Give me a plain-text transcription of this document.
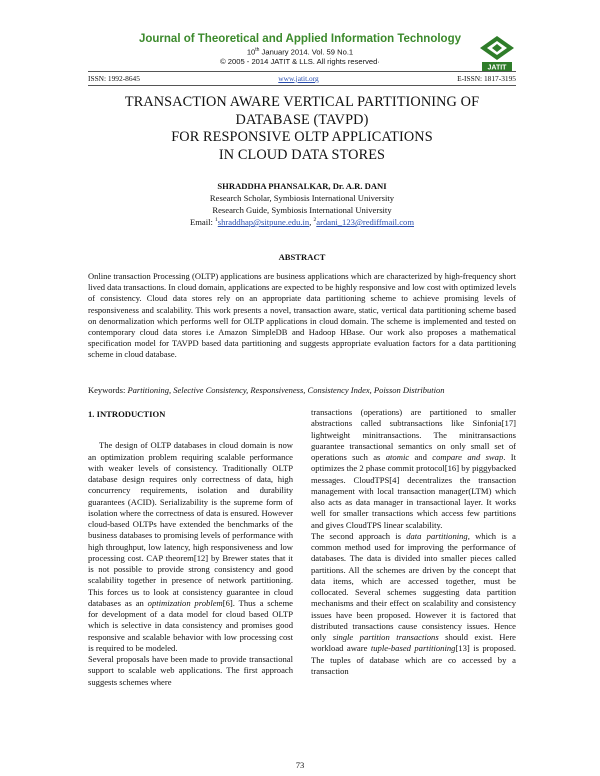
Journal of Theoretical and Applied Information Technology
10th January 2014. Vol. 59 No.1
© 2005 - 2014 JATIT & LLS. All rights reserved·
JATIT
ISSN: 1992-8645	www.jatit.org	E-ISSN: 1817-3195
TRANSACTION AWARE VERTICAL PARTITIONING OF
DATABASE (TAVPD)
FOR RESPONSIVE OLTP APPLICATIONS
IN CLOUD DATA STORES
SHRADDHA PHANSALKAR, Dr. A.R. DANI
Research Scholar, Symbiosis International University
Research Guide, Symbiosis International University
Email: $^1$shraddhap@sitpune.edu.in, $^2$ardani_123@rediffmail.com
ABSTRACT
Online transaction Processing (OLTP) applications are business applications which are characterized by high-frequency short lived data transactions. In cloud domain, applications are expected to be highly responsive and low cost with optimized levels of consistency. Cloud data stores rely on an appropriate data partitioning scheme to achieve promising levels of responsiveness and scalability. This work presents a novel, transaction aware, static, vertical data partitioning scheme based on denormalization which performs well for OLTP applications in cloud domain. The scheme is implemented and tested on contemporary cloud data stores i.e Amazon SimpleDB and Hadoop HBase. Our work also proposes a mathematical specification model for TAVPD based data partitioning and suggests appropriate evaluation factors for a data partitioning scheme in cloud database.
Keywords: Partitioning, Selective Consistency, Responsiveness, Consistency Index, Poisson Distribution
1. INTRODUCTION

The design of OLTP databases in cloud domain is now an optimization problem requiring scalable performance with weaker levels of consistency. Traditionally OLTP database design requires only correctness of data, high concurrency requirements, isolation and durability guarantees (ACID). Serializability is the supreme form of isolation where the correctness of data is ensured. However cloud-based OLTPs have extended the benchmarks of the business databases to promising levels of performance with high throughput, low latency, high responsiveness and low processing cost. CAP theorem[12] by Brewer states that it is not possible to provide strong consistency and good scalability together in presence of network partitioning. This forces us to look at consistency guarantee in cloud databases as an optimization problem[6]. Thus a scheme for development of a data model for cloud based OLTP which is selective in data consistency and promises good responsive and scalable behavior with low processing cost is required to be modeled.

Several proposals have been made to provide transactional support to scalable web applications. The first approach suggests schemes where

transactions (operations) are partitioned to smaller abstractions called subtransactions like Sinfonia[17] lightweight minitransactions. The minitransactions guarantee transactional semantics on only small set of operations such as atomic and compare and swap. It optimizes the 2 phase commit protocol[16] by piggybacked messages. CloudTPS[4] decentralizes the transaction management with local transaction manager(LTM) which also acts as data manager in transactional layer. It works well for smaller transactions which access few partitions and gives CloudTPS linear scalability.

The second approach is data partitioning, which is a common method used for improving the performance of databases. The data is divided into smaller pieces called partitions. All the schemes are driven by the concept that data items, which are accessed together, must be collocated. Several schemes suggesting data partition mechanisms and their effect on scalability and consistency issues have been proposed. However it is factored that distributed transactions cause consistency issues. Hence only single partition transactions should exist. Here workload aware tuple-based partitioning[13] is proposed. The tuples of database which are co accessed by a transaction

73
